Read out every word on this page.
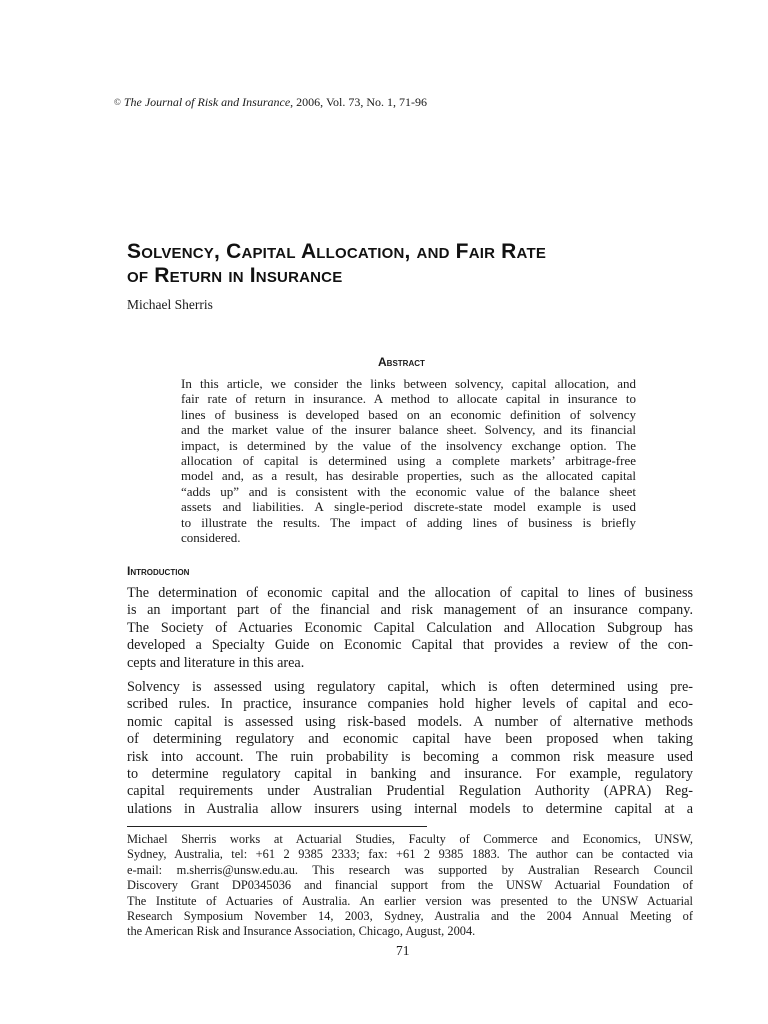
© The Journal of Risk and Insurance, 2006, Vol. 73, No. 1, 71-96
Solvency, Capital Allocation, and Fair Rate
of Return in Insurance
Michael Sherris
Abstract
In this article, we consider the links between solvency, capital allocation, and
fair rate of return in insurance. A method to allocate capital in insurance to
lines of business is developed based on an economic definition of solvency
and the market value of the insurer balance sheet. Solvency, and its financial
impact, is determined by the value of the insolvency exchange option. The
allocation of capital is determined using a complete markets’ arbitrage-free
model and, as a result, has desirable properties, such as the allocated capital
“adds up” and is consistent with the economic value of the balance sheet
assets and liabilities. A single-period discrete-state model example is used
to illustrate the results. The impact of adding lines of business is briefly
considered.
Introduction
The determination of economic capital and the allocation of capital to lines of business
is an important part of the financial and risk management of an insurance company.
The Society of Actuaries Economic Capital Calculation and Allocation Subgroup has
developed a Specialty Guide on Economic Capital that provides a review of the con-
cepts and literature in this area.
Solvency is assessed using regulatory capital, which is often determined using pre-
scribed rules. In practice, insurance companies hold higher levels of capital and eco-
nomic capital is assessed using risk-based models. A number of alternative methods
of determining regulatory and economic capital have been proposed when taking
risk into account. The ruin probability is becoming a common risk measure used
to determine regulatory capital in banking and insurance. For example, regulatory
capital requirements under Australian Prudential Regulation Authority (APRA) Reg-
ulations in Australia allow insurers using internal models to determine capital at a
Michael Sherris works at Actuarial Studies, Faculty of Commerce and Economics, UNSW,
Sydney, Australia, tel: +61 2 9385 2333; fax: +61 2 9385 1883. The author can be contacted via
e-mail: m.sherris@unsw.edu.au. This research was supported by Australian Research Council
Discovery Grant DP0345036 and financial support from the UNSW Actuarial Foundation of
The Institute of Actuaries of Australia. An earlier version was presented to the UNSW Actuarial
Research Symposium November 14, 2003, Sydney, Australia and the 2004 Annual Meeting of
the American Risk and Insurance Association, Chicago, August, 2004.
71
